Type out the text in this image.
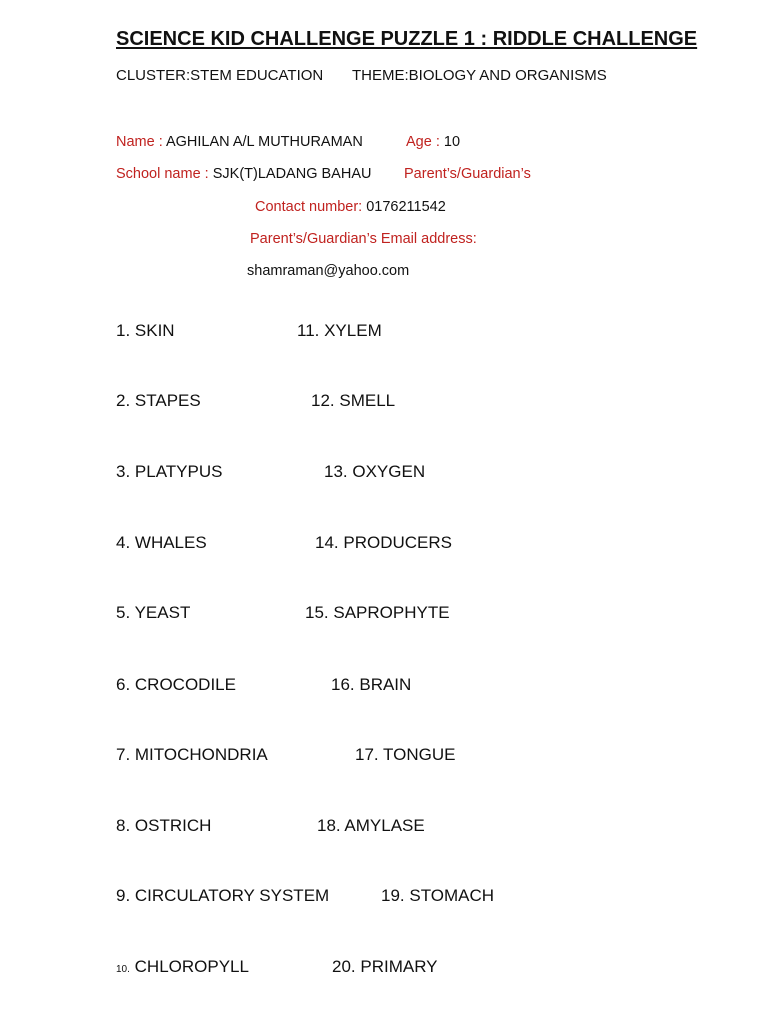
SCIENCE KID CHALLENGE PUZZLE 1 : RIDDLE CHALLENGE
CLUSTER:STEM EDUCATION THEME:BIOLOGY AND ORGANISMS
Name : AGHILAN A/L MUTHURAMAN	Age : 10
School name : SJK(T)LADANG BAHAU Parent’s/Guardian’s
Contact number: 0176211542
Parent’s/Guardian’s Email address:
shamraman@yahoo.com
1. SKIN
2. STAPES
3. PLATYPUS
4. WHALES
5. YEAST
6. CROCODILE
7. MITOCHONDRIA
8. OSTRICH
9. CIRCULATORY SYSTEM
10. CHLOROPYLL
11. XYLEM
12. SMELL
13. OXYGEN
14. PRODUCERS
15. SAPROPHYTE
16. BRAIN
17. TONGUE
18. AMYLASE
19. STOMACH
20. PRIMARY
